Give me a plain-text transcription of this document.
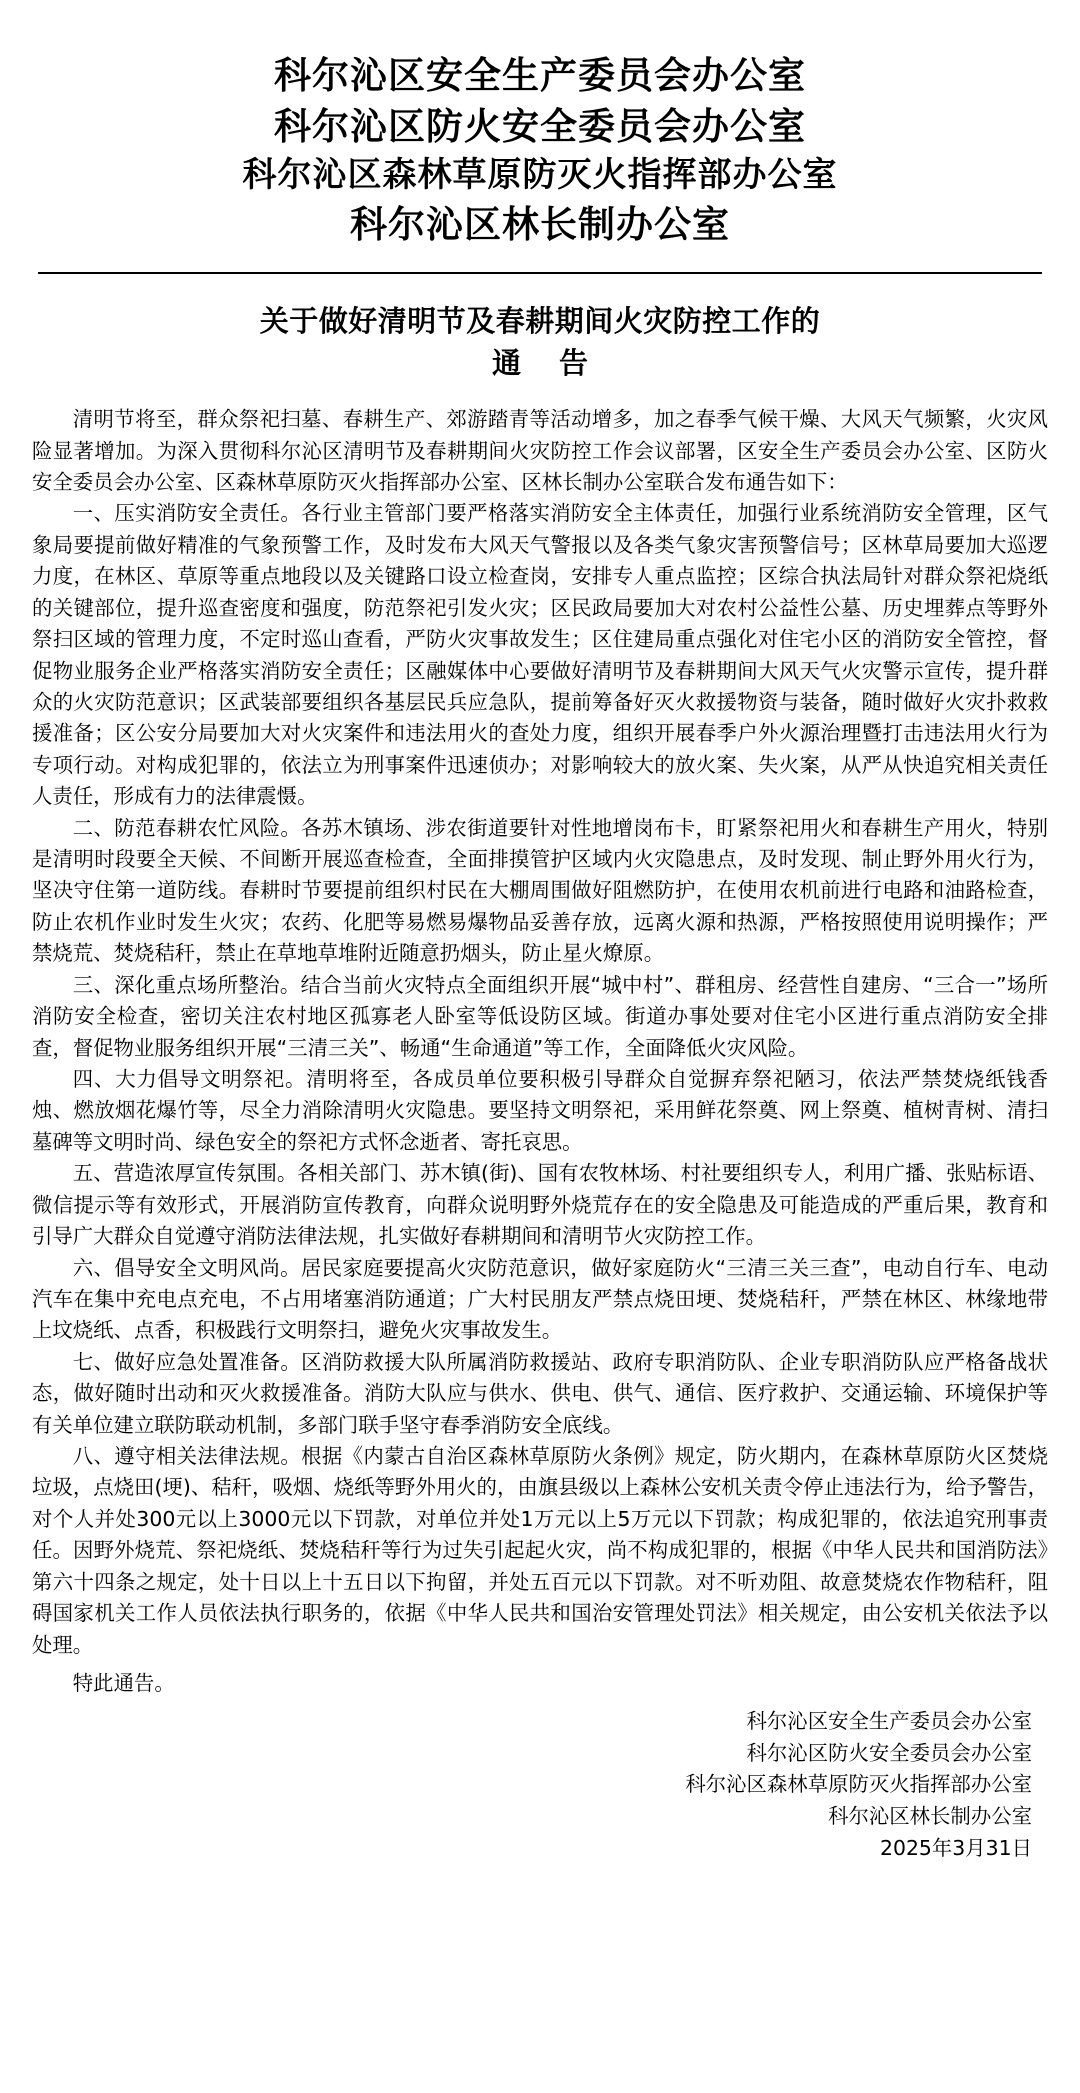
科尔沁区安全生产委员会办公室
科尔沁区防火安全委员会办公室
科尔沁区森林草原防灭火指挥部办公室
科尔沁区林长制办公室
关于做好清明节及春耕期间火灾防控工作的
通 告

清明节将至，群众祭祀扫墓、春耕生产、郊游踏青等活动增多，加之春季气候干燥、大风天气频繁，火灾风险显著增加。为深入贯彻科尔沁区清明节及春耕期间火灾防控工作会议部署，区安全生产委员会办公室、区防火安全委员会办公室、区森林草原防灭火指挥部办公室、区林长制办公室联合发布通告如下：

一、压实消防安全责任。各行业主管部门要严格落实消防安全主体责任，加强行业系统消防安全管理，区气象局要提前做好精准的气象预警工作，及时发布大风天气警报以及各类气象灾害预警信号；区林草局要加大巡逻力度，在林区、草原等重点地段以及关键路口设立检查岗，安排专人重点监控；区综合执法局针对群众祭祀烧纸的关键部位，提升巡查密度和强度，防范祭祀引发火灾；区民政局要加大对农村公益性公墓、历史埋葬点等野外祭扫区域的管理力度，不定时巡山查看，严防火灾事故发生；区住建局重点强化对住宅小区的消防安全管控，督促物业服务企业严格落实消防安全责任；区融媒体中心要做好清明节及春耕期间大风天气火灾警示宣传，提升群众的火灾防范意识；区武装部要组织各基层民兵应急队，提前筹备好灭火救援物资与装备，随时做好火灾扑救救援准备；区公安分局要加大对火灾案件和违法用火的查处力度，组织开展春季户外火源治理暨打击违法用火行为专项行动。对构成犯罪的，依法立为刑事案件迅速侦办；对影响较大的放火案、失火案，从严从快追究相关责任人责任，形成有力的法律震慑。

二、防范春耕农忙风险。各苏木镇场、涉农街道要针对性地增岗布卡，盯紧祭祀用火和春耕生产用火，特别是清明时段要全天候、不间断开展巡查检查，全面排摸管护区域内火灾隐患点，及时发现、制止野外用火行为，坚决守住第一道防线。春耕时节要提前组织村民在大棚周围做好阻燃防护，在使用农机前进行电路和油路检查，防止农机作业时发生火灾；农药、化肥等易燃易爆物品妥善存放，远离火源和热源，严格按照使用说明操作；严禁烧荒、焚烧秸秆，禁止在草地草堆附近随意扔烟头，防止星火燎原。

三、深化重点场所整治。结合当前火灾特点全面组织开展“城中村”、群租房、经营性自建房、“三合一”场所消防安全检查，密切关注农村地区孤寡老人卧室等低设防区域。街道办事处要对住宅小区进行重点消防安全排查，督促物业服务组织开展“三清三关”、畅通“生命通道”等工作，全面降低火灾风险。

四、大力倡导文明祭祀。清明将至，各成员单位要积极引导群众自觉摒弃祭祀陋习，依法严禁焚烧纸钱香烛、燃放烟花爆竹等，尽全力消除清明火灾隐患。要坚持文明祭祀，采用鲜花祭奠、网上祭奠、植树青树、清扫墓碑等文明时尚、绿色安全的祭祀方式怀念逝者、寄托哀思。

五、营造浓厚宣传氛围。各相关部门、苏木镇(街)、国有农牧林场、村社要组织专人，利用广播、张贴标语、微信提示等有效形式，开展消防宣传教育，向群众说明野外烧荒存在的安全隐患及可能造成的严重后果，教育和引导广大群众自觉遵守消防法律法规，扎实做好春耕期间和清明节火灾防控工作。

六、倡导安全文明风尚。居民家庭要提高火灾防范意识，做好家庭防火“三清三关三查”，电动自行车、电动汽车在集中充电点充电，不占用堵塞消防通道；广大村民朋友严禁点烧田埂、焚烧秸秆，严禁在林区、林缘地带上坟烧纸、点香，积极践行文明祭扫，避免火灾事故发生。

七、做好应急处置准备。区消防救援大队所属消防救援站、政府专职消防队、企业专职消防队应严格备战状态，做好随时出动和灭火救援准备。消防大队应与供水、供电、供气、通信、医疗救护、交通运输、环境保护等有关单位建立联防联动机制，多部门联手坚守春季消防安全底线。

八、遵守相关法律法规。根据《内蒙古自治区森林草原防火条例》规定，防火期内，在森林草原防火区焚烧垃圾，点烧田(埂)、秸秆，吸烟、烧纸等野外用火的，由旗县级以上森林公安机关责令停止违法行为，给予警告，对个人并处300元以上3000元以下罚款，对单位并处1万元以上5万元以下罚款；构成犯罪的，依法追究刑事责任。因野外烧荒、祭祀烧纸、焚烧秸秆等行为过失引起起火灾，尚不构成犯罪的，根据《中华人民共和国消防法》第六十四条之规定，处十日以上十五日以下拘留，并处五百元以下罚款。对不听劝阻、故意焚烧农作物秸秆，阻碍国家机关工作人员依法执行职务的，依据《中华人民共和国治安管理处罚法》相关规定，由公安机关依法予以处理。

特此通告。
科尔沁区安全生产委员会办公室
科尔沁区防火安全委员会办公室
科尔沁区森林草原防灭火指挥部办公室
科尔沁区林长制办公室
2025年3月31日
